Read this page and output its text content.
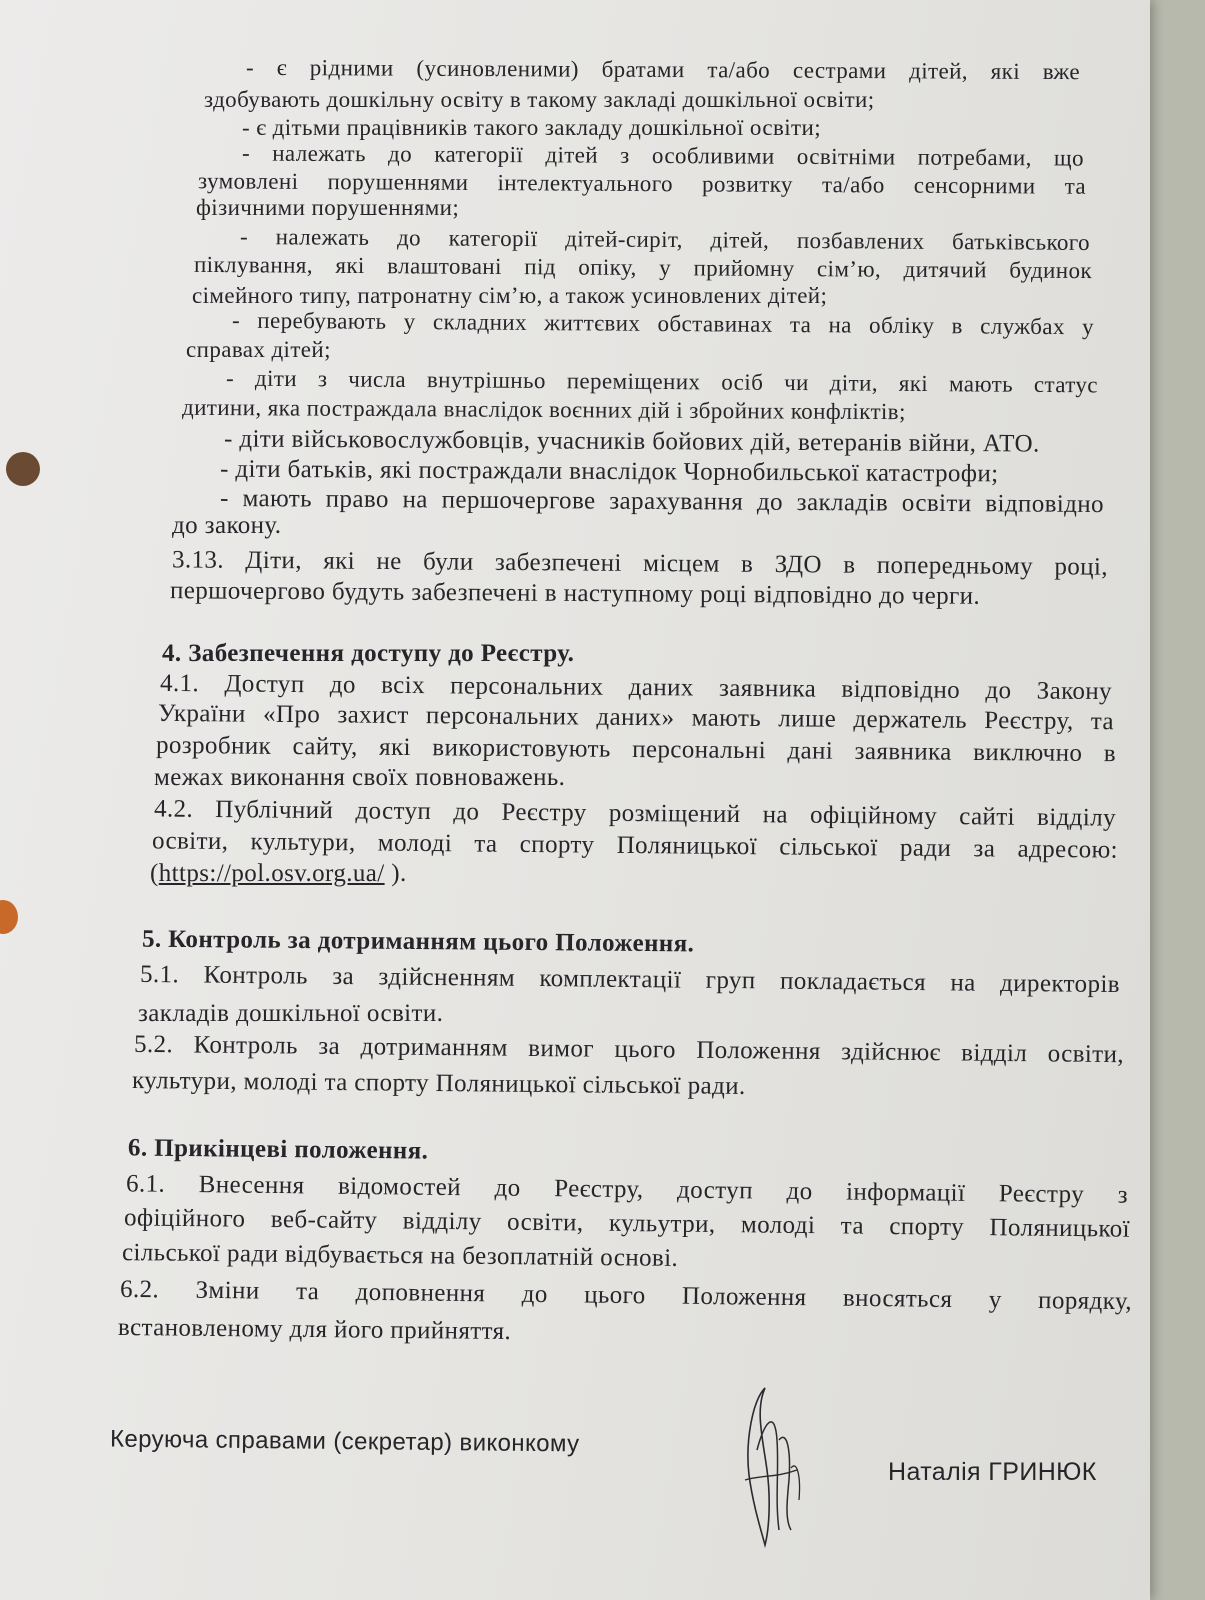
- є рідними (усиновленими) братами та/або сестрами дітей, які вже
здобувають дошкільну освіту в такому закладі дошкільної освіти;
- є дітьми працівників такого закладу дошкільної освіти;
- належать до категорії дітей з особливими освітніми потребами, що
зумовлені порушеннями інтелектуального розвитку та/або сенсорними та
фізичними порушеннями;
- належать до категорії дітей-сиріт, дітей, позбавлених батьківського
піклування, які влаштовані під опіку, у прийомну сім’ю, дитячий будинок
сімейного типу, патронатну сім’ю, а також усиновлених дітей;
- перебувають у складних життєвих обставинах та на обліку в службах у
справах дітей;
- діти з числа внутрішньо переміщених осіб чи діти, які мають статус
дитини, яка постраждала внаслідок воєнних дій і збройних конфліктів;
- діти військовослужбовців, учасників бойових дій, ветеранів війни, АТО.
- діти батьків, які постраждали внаслідок Чорнобильської катастрофи;
- мають право на першочергове зарахування до закладів освіти відповідно
до закону.
3.13. Діти, які не були забезпечені місцем в ЗДО в попередньому році,
першочергово будуть забезпечені в наступному році відповідно до черги.
4. Забезпечення доступу до Реєстру.
4.1. Доступ до всіх персональних даних заявника відповідно до Закону
України «Про захист персональних даних» мають лише держатель Реєстру, та
розробник сайту, які використовують персональні дані заявника виключно в
межах виконання своїх повноважень.
4.2. Публічний доступ до Реєстру розміщений на офіційному сайті відділу
освіти, культури, молоді та спорту Поляницької сільської ради за адресою:
(https://pol.osv.org.ua/ ).
5. Контроль за дотриманням цього Положення.
5.1. Контроль за здійсненням комплектації груп покладається на директорів
закладів дошкільної освіти.
5.2. Контроль за дотриманням вимог цього Положення здійснює відділ освіти,
культури, молоді та спорту Поляницької сільської ради.
6. Прикінцеві положення.
6.1. Внесення відомостей до Реєстру, доступ до інформації Реєстру з
офіційного веб-сайту відділу освіти, кульутри, молоді та спорту Поляницької
сільської ради відбувається на безоплатній основі.
6.2. Зміни та доповнення до цього Положення вносяться у порядку,
встановленому для його прийняття.
Керуюча справами (секретар) виконкому
Наталія ГРИНЮК
